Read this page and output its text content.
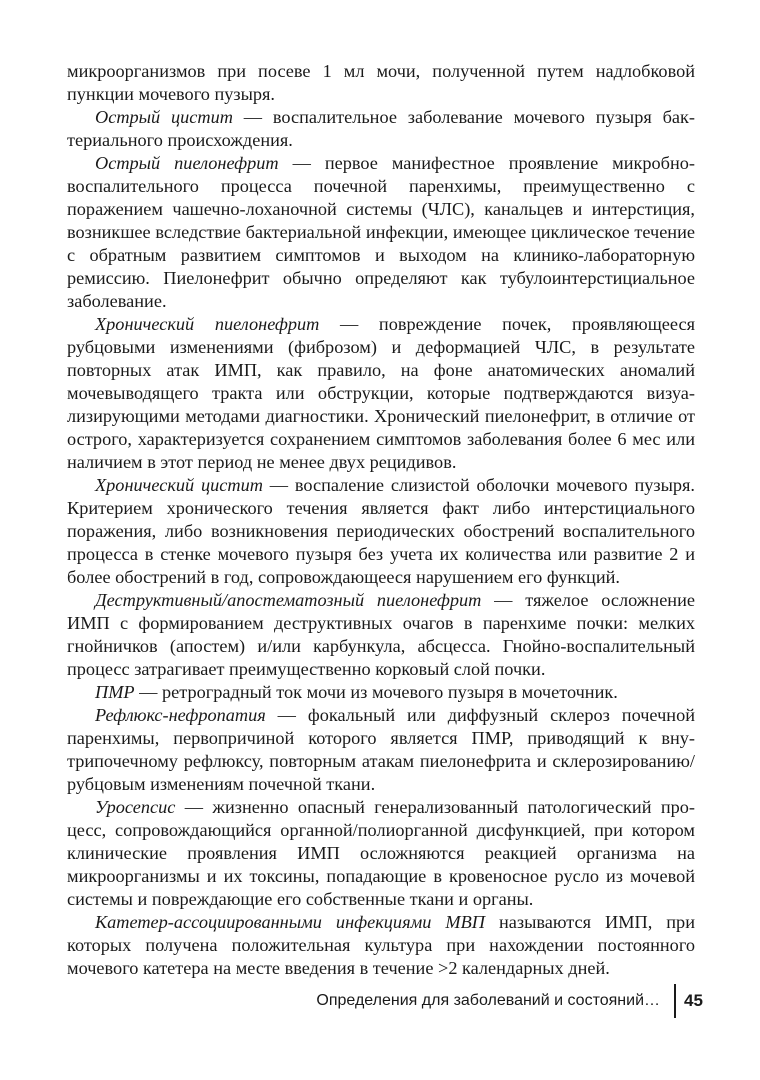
микроорганизмов при посеве 1 мл мочи, полученной путем надлобковой пункции мочевого пузыря.

Острый цистит — воспалительное заболевание мочевого пузыря бактериального происхождения.

Острый пиелонефрит — первое манифестное проявление микробно-воспалительного процесса почечной паренхимы, преимущественно с поражением чашечно-лоханочной системы (ЧЛС), канальцев и интерстиция, возникшее вследствие бактериальной инфекции, имеющее циклическое течение с обратным развитием симптомов и выходом на клинико-лабораторную ремиссию. Пиелонефрит обычно определяют как тубулоинтерстициальное заболевание.

Хронический пиелонефрит — повреждение почек, проявляющееся рубцовыми изменениями (фиброзом) и деформацией ЧЛС, в результате повторных атак ИМП, как правило, на фоне анатомических аномалий мочевыводящего тракта или обструкции, которые подтверждаются визуализирующими методами диагностики. Хронический пиелонефрит, в отличие от острого, характеризуется сохранением симптомов заболевания более 6 мес или наличием в этот период не менее двух рецидивов.

Хронический цистит — воспаление слизистой оболочки мочевого пузыря. Критерием хронического течения является факт либо интерстициального поражения, либо возникновения периодических обострений воспалительного процесса в стенке мочевого пузыря без учета их количества или развитие 2 и более обострений в год, сопровождающееся нарушением его функций.

Деструктивный/апостематозный пиелонефрит — тяжелое осложнение ИМП с формированием деструктивных очагов в паренхиме почки: мелких гнойничков (апостем) и/или карбункула, абсцесса. Гнойно-воспалительный процесс затрагивает преимущественно корковый слой почки.

ПМР — ретроградный ток мочи из мочевого пузыря в мочеточник.

Рефлюкс-нефропатия — фокальный или диффузный склероз почечной паренхимы, первопричиной которого является ПМР, приводящий к внутрипочечному рефлюксу, повторным атакам пиелонефрита и склерозированию/рубцовым изменениям почечной ткани.

Уросепсис — жизненно опасный генерализованный патологический процесс, сопровождающийся органной/полиорганной дисфункцией, при котором клинические проявления ИМП осложняются реакцией организма на микроорганизмы и их токсины, попадающие в кровеносное русло из мочевой системы и повреждающие его собственные ткани и органы.

Катетер-ассоциированными инфекциями МВП называются ИМП, при которых получена положительная культура при нахождении постоянного мочевого катетера на месте введения в течение >2 календарных дней.

Определения для заболеваний и состояний… 45
